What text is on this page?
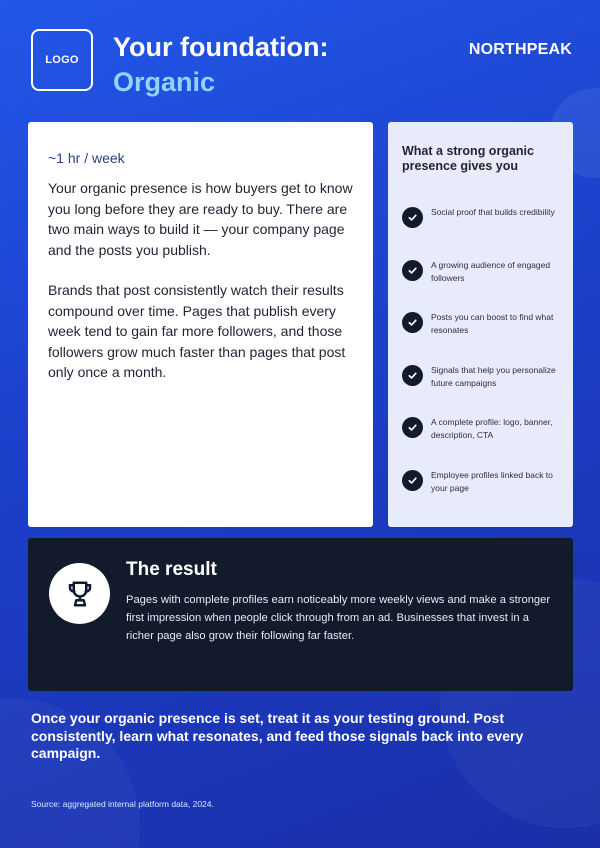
LOGO Your foundation:
Organic
NORTHPEAK
~1 hr / week

Your organic presence is how buyers get to know you long before they are ready to buy. There are two main ways to build it — your company page and the posts you publish.

Brands that post consistently watch their results compound over time. Pages that publish every week tend to gain far more followers, and those followers grow much faster than pages that post only once a month.

What a strong organic presence gives you
Social proof that builds credibility
A growing audience of engaged followers
Posts you can boost to find what resonates
Signals that help you personalize future campaigns
A complete profile: logo, banner, description, CTA
Employee profiles linked back to your page
The result
Pages with complete profiles earn noticeably more weekly views and make a stronger first impression when people click through from an ad. Businesses that invest in a richer page also grow their following far faster.
Once your organic presence is set, treat it as your testing ground. Post consistently, learn what resonates, and feed those signals back into every campaign.
Source: aggregated internal platform data, 2024.
